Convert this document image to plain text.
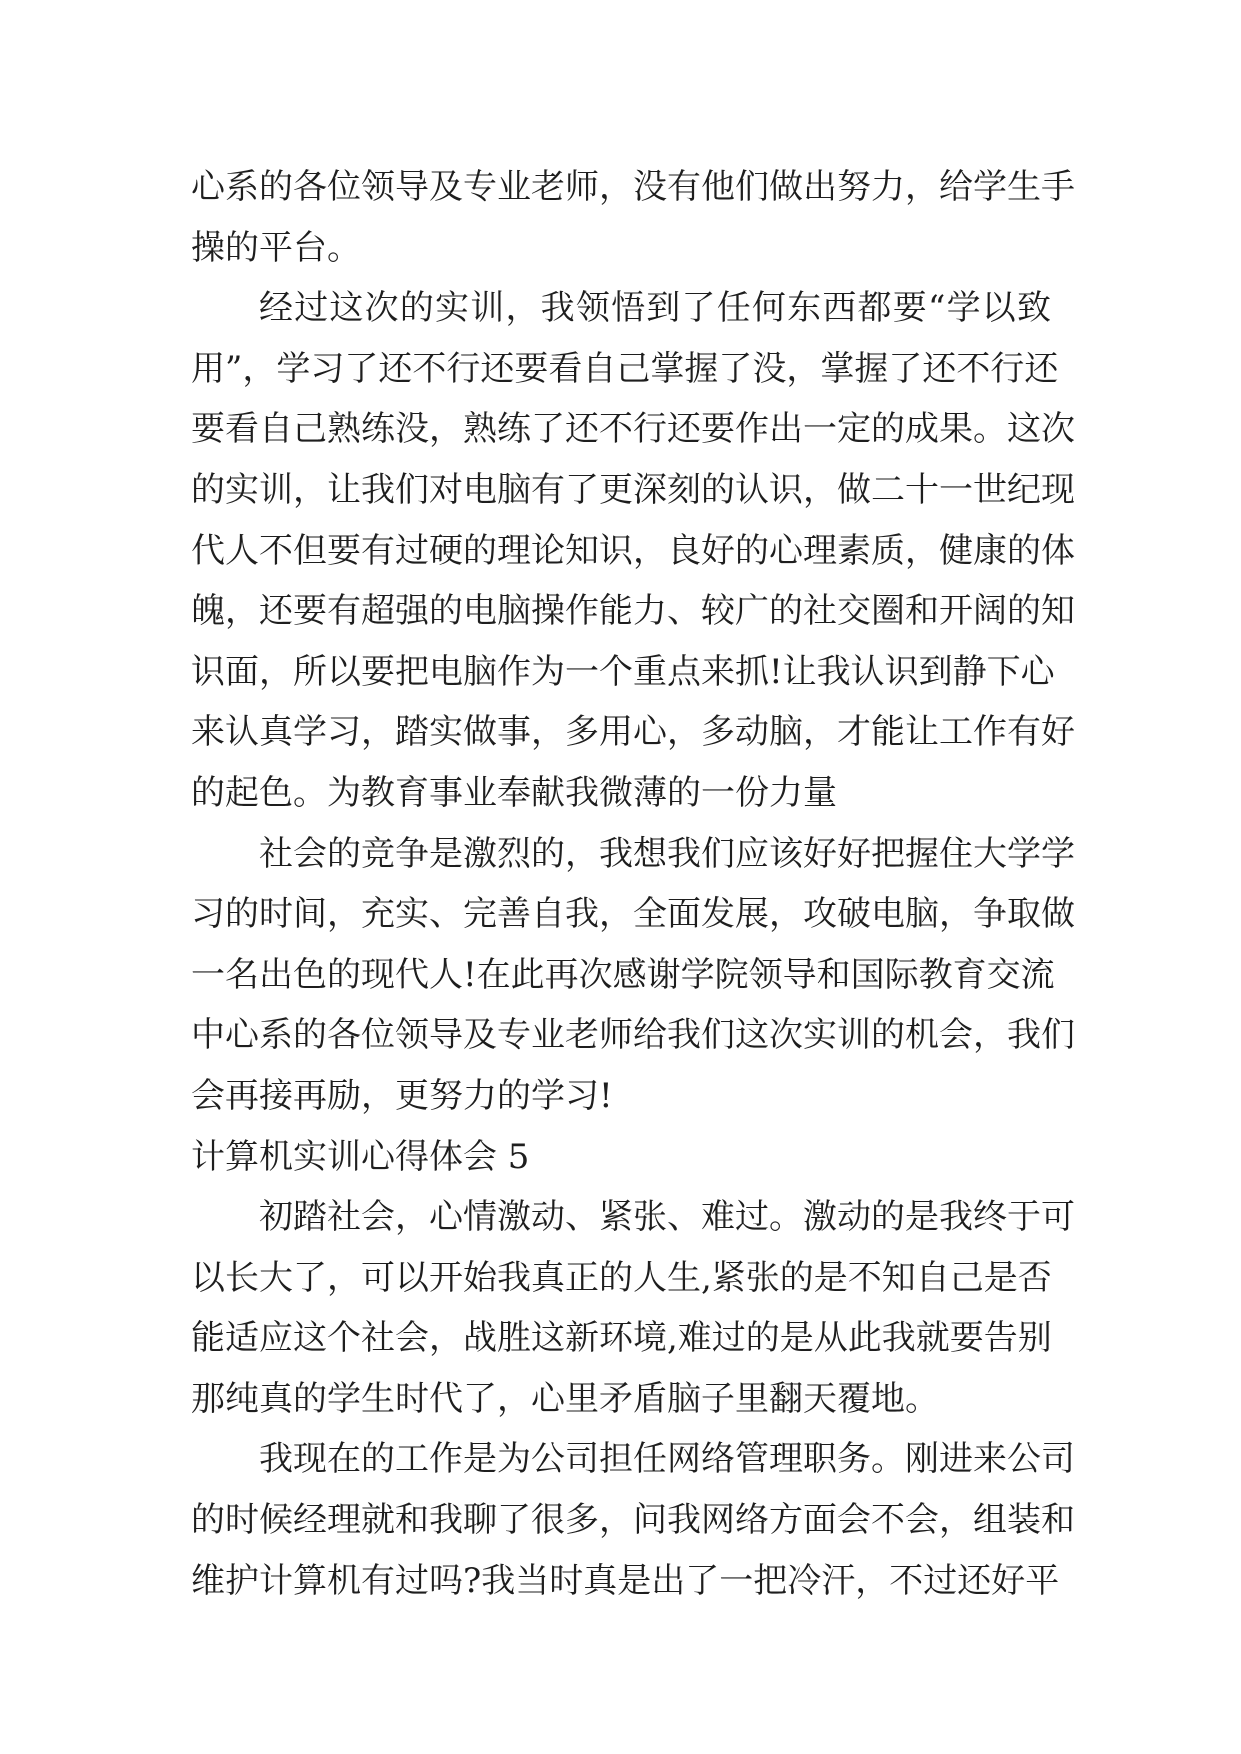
心系的各位领导及专业老师，没有他们做出努力，给学生手
操的平台。
经过这次的实训，我领悟到了任何东西都要“学以致
用”，学习了还不行还要看自己掌握了没，掌握了还不行还
要看自己熟练没，熟练了还不行还要作出一定的成果。这次
的实训，让我们对电脑有了更深刻的认识，做二十一世纪现
代人不但要有过硬的理论知识，良好的心理素质，健康的体
魄，还要有超强的电脑操作能力、较广的社交圈和开阔的知
识面，所以要把电脑作为一个重点来抓!让我认识到静下心
来认真学习，踏实做事，多用心，多动脑，才能让工作有好
的起色。为教育事业奉献我微薄的一份力量
社会的竞争是激烈的，我想我们应该好好把握住大学学
习的时间，充实、完善自我，全面发展，攻破电脑，争取做
一名出色的现代人!在此再次感谢学院领导和国际教育交流
中心系的各位领导及专业老师给我们这次实训的机会，我们
会再接再励，更努力的学习!
计算机实训心得体会 5
初踏社会，心情激动、紧张、难过。激动的是我终于可
以长大了，可以开始我真正的人生,紧张的是不知自己是否
能适应这个社会，战胜这新环境,难过的是从此我就要告别
那纯真的学生时代了，心里矛盾脑子里翻天覆地。
我现在的工作是为公司担任网络管理职务。刚进来公司
的时候经理就和我聊了很多，问我网络方面会不会，组装和
维护计算机有过吗?我当时真是出了一把冷汗，不过还好平
